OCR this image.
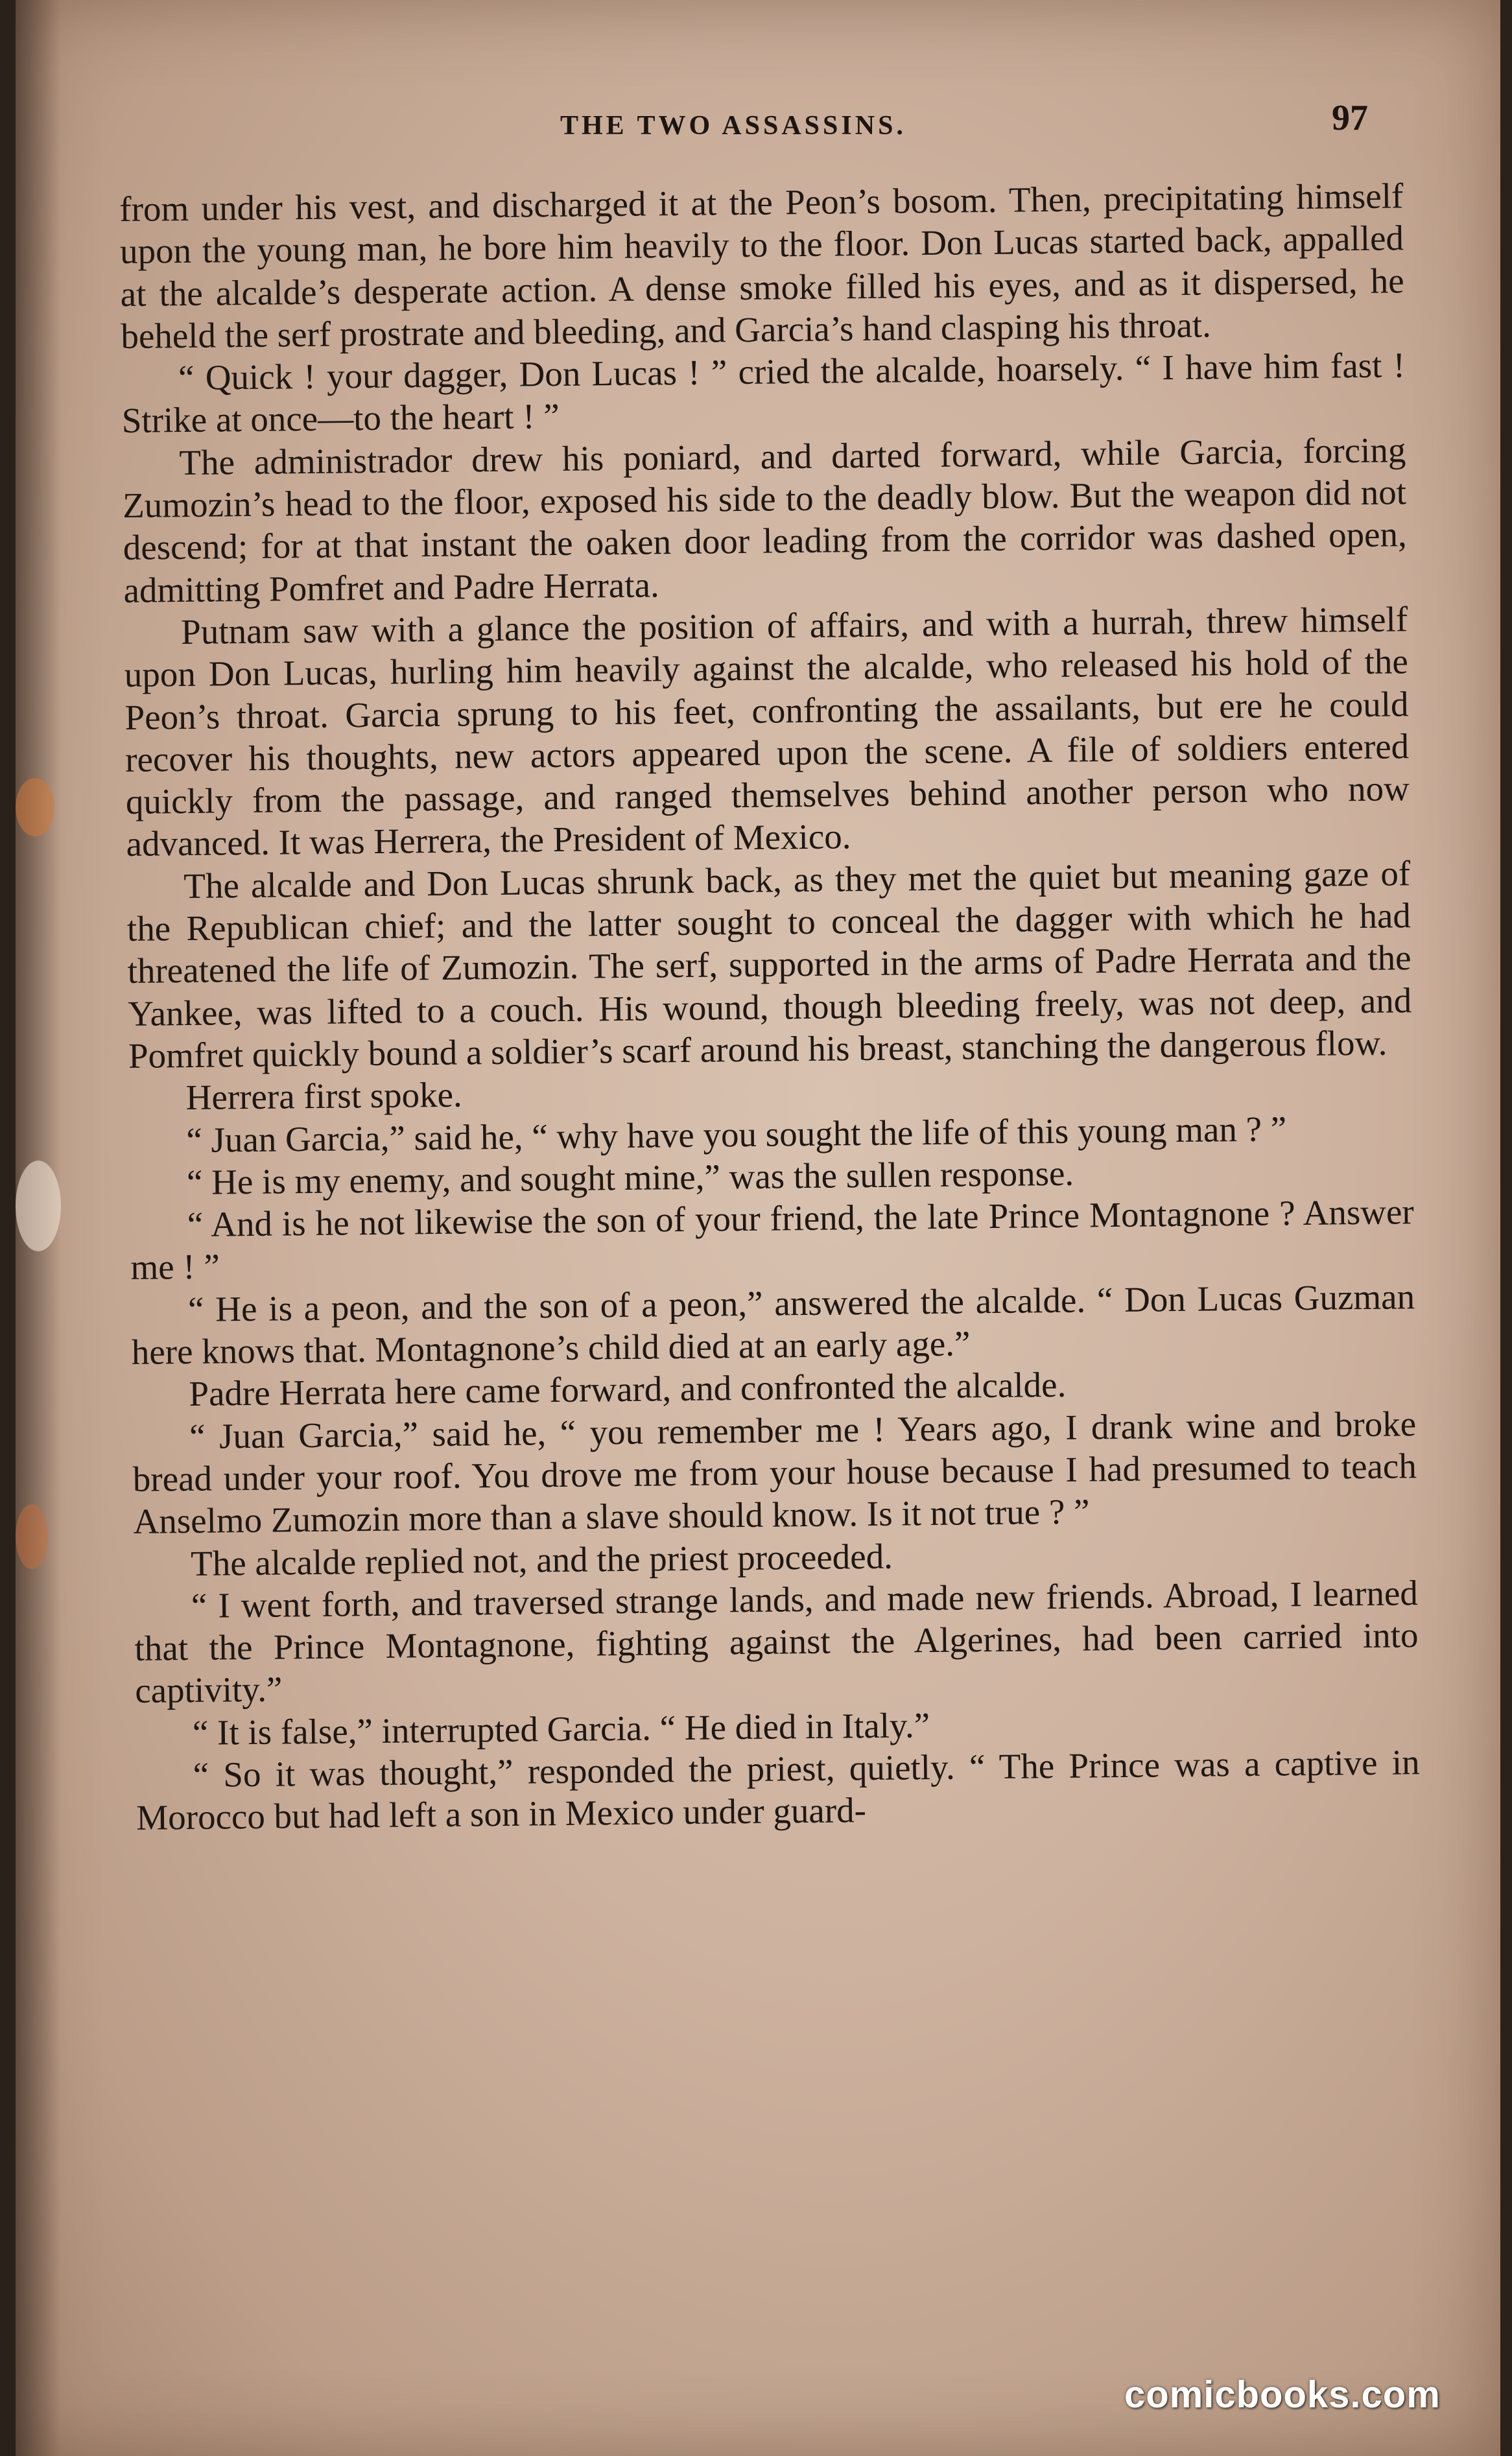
THE TWO ASSASSINS.	97

from under his vest, and discharged it at the Peon’s bosom. Then, precipitating himself upon the young man, he bore him heavily to the floor. Don Lucas started back, appalled at the alcalde’s desperate action. A dense smoke filled his eyes, and as it dispersed, he beheld the serf prostrate and bleeding, and Garcia’s hand clasping his throat.

“ Quick ! your dagger, Don Lucas ! ” cried the alcalde, hoarsely. “ I have him fast ! Strike at once—to the heart ! ”

The administrador drew his poniard, and darted forward, while Garcia, forcing Zumozin’s head to the floor, exposed his side to the deadly blow. But the weapon did not descend; for at that instant the oaken door leading from the corridor was dashed open, admitting Pomfret and Padre Herrata.

Putnam saw with a glance the position of affairs, and with a hurrah, threw himself upon Don Lucas, hurling him heavily against the alcalde, who released his hold of the Peon’s throat. Garcia sprung to his feet, confronting the assailants, but ere he could recover his thoughts, new actors appeared upon the scene. A file of soldiers entered quickly from the passage, and ranged themselves behind another person who now advanced. It was Herrera, the President of Mexico.

The alcalde and Don Lucas shrunk back, as they met the quiet but meaning gaze of the Republican chief; and the latter sought to conceal the dagger with which he had threatened the life of Zumozin. The serf, supported in the arms of Padre Herrata and the Yankee, was lifted to a couch. His wound, though bleeding freely, was not deep, and Pomfret quickly bound a soldier’s scarf around his breast, stanching the dangerous flow.

Herrera first spoke.

“ Juan Garcia,” said he, “ why have you sought the life of this young man ? ”

“ He is my enemy, and sought mine,” was the sullen response.

“ And is he not likewise the son of your friend, the late Prince Montagnone ? Answer me ! ”

“ He is a peon, and the son of a peon,” answered the alcalde. “ Don Lucas Guzman here knows that. Montagnone’s child died at an early age.”

Padre Herrata here came forward, and confronted the alcalde.

“ Juan Garcia,” said he, “ you remember me ! Years ago, I drank wine and broke bread under your roof. You drove me from your house because I had presumed to teach Anselmo Zumozin more than a slave should know. Is it not true ? ”

The alcalde replied not, and the priest proceeded.

“ I went forth, and traversed strange lands, and made new friends. Abroad, I learned that the Prince Montagnone, fighting against the Algerines, had been carried into captivity.”

“ It is false,” interrupted Garcia. “ He died in Italy.”

“ So it was thought,” responded the priest, quietly. “ The Prince was a captive in Morocco but had left a son in Mexico under guard-

comicbooks.com
